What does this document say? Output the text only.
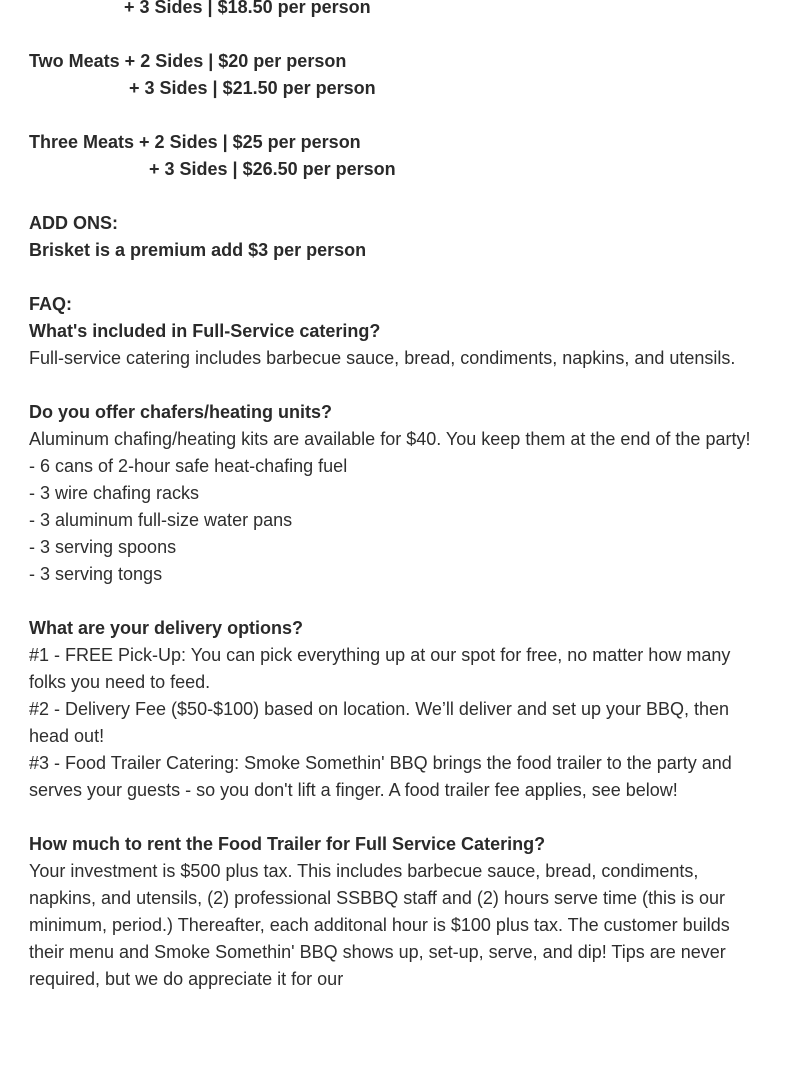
+ 3 Sides | $18.50 per person
Two Meats + 2 Sides | $20 per person
+ 3 Sides | $21.50 per person
Three Meats + 2 Sides | $25 per person
+ 3 Sides | $26.50 per person
ADD ONS:
Brisket is a premium add $3 per person
FAQ:
What's included in Full-Service catering?
Full-service catering includes barbecue sauce, bread, condiments, napkins, and utensils.
Do you offer chafers/heating units?
Aluminum chafing/heating kits are available for $40. You keep them at the end of the party!
- 6 cans of 2-hour safe heat-chafing fuel
- 3 wire chafing racks
- 3 aluminum full-size water pans
- 3 serving spoons
- 3 serving tongs
What are your delivery options?
#1 - FREE Pick-Up: You can pick everything up at our spot for free, no matter how many folks you need to feed.
#2 - Delivery Fee ($50-$100) based on location. We’ll deliver and set up your BBQ, then head out!
#3 - Food Trailer Catering: Smoke Somethin' BBQ brings the food trailer to the party and serves your guests - so you don't lift a finger. A food trailer fee applies, see below!
How much to rent the Food Trailer for Full Service Catering?
Your investment is $500 plus tax. This includes barbecue sauce, bread, condiments, napkins, and utensils, (2) professional SSBBQ staff and (2) hours serve time (this is our minimum, period.) Thereafter, each additonal hour is $100 plus tax. The customer builds their menu and Smoke Somethin' BBQ shows up, set-up, serve, and dip! Tips are never required, but we do appreciate it for our
